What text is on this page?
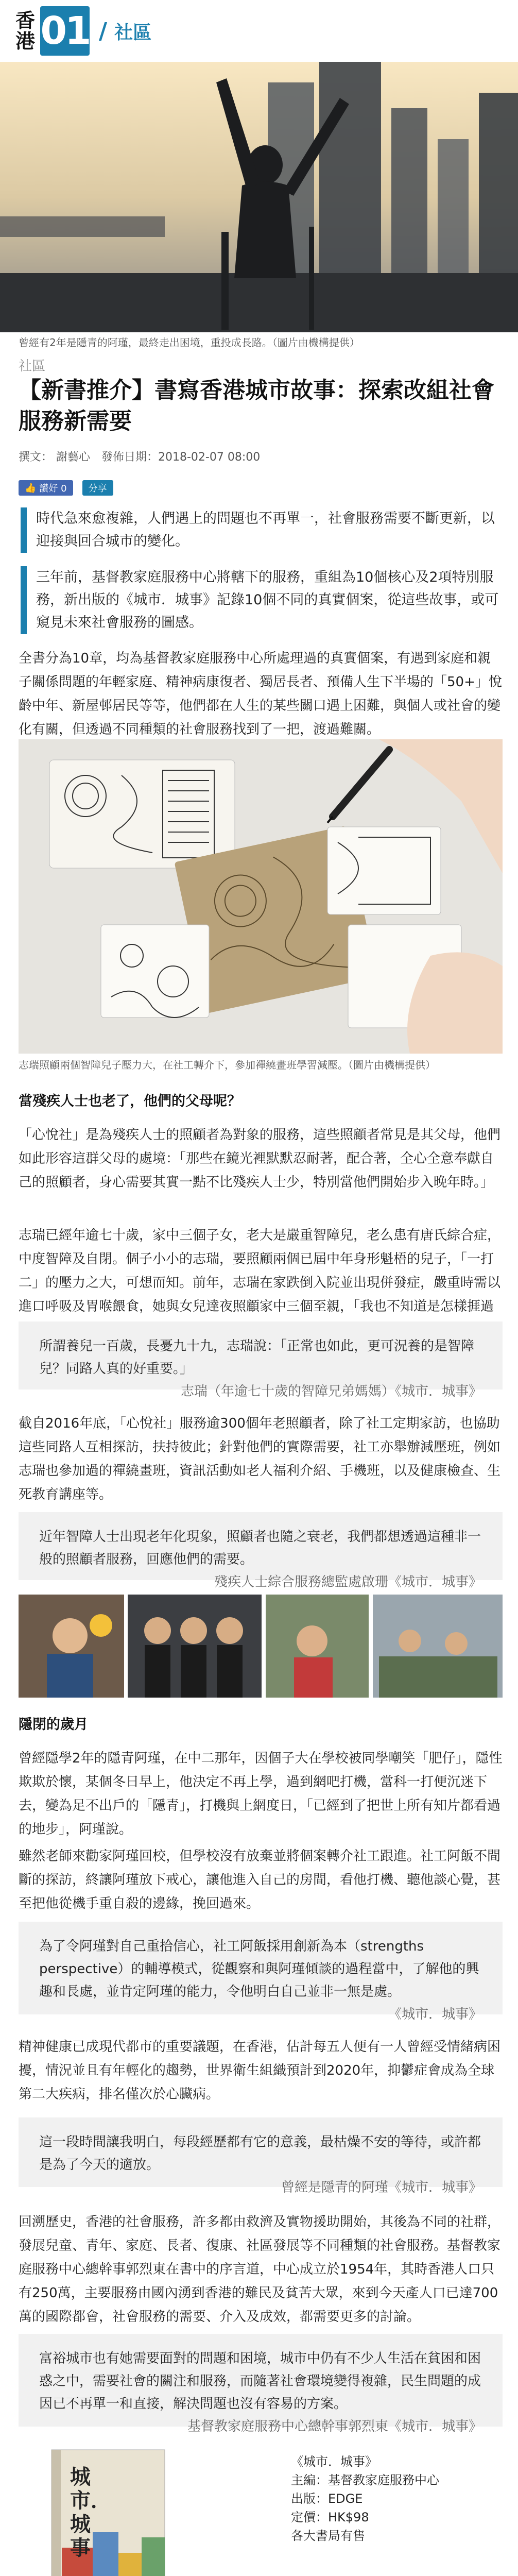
香港 01 / 社區
曾經有2年是隱青的阿瑾，最終走出困境，重投成長路。（圖片由機構提供）
社區
【新書推介】書寫香港城市故事：探索改組社會服務新需要
撰文： 謝藝心　發佈日期：2018-02-07 08:00
👍 讚好 0 分享
時代急來愈複雜，人們遇上的問題也不再單一，社會服務需要不斷更新，以迎接與回合城市的變化。
三年前，基督教家庭服務中心將轄下的服務，重組為10個核心及2項特別服務，新出版的《城市．城事》記錄10個不同的真實個案，從這些故事，或可窺見未來社會服務的圖感。
全書分為10章，均為基督教家庭服務中心所處理過的真實個案，有遇到家庭和親子關係問題的年輕家庭、精神病康復者、獨居長者、預備人生下半場的「50+」悅齡中年、新屋邨居民等等，他們都在人生的某些關口遇上困難，與個人或社會的變化有關，但透過不同種類的社會服務找到了一把，渡過難關。
志瑞照顧兩個智障兒子壓力大，在社工轉介下，參加禪繞畫班學習減壓。（圖片由機構提供）
當殘疾人士也老了，他們的父母呢？
「心悅社」是為殘疾人士的照顧者為對象的服務，這些照顧者常見是其父母，他們如此形容這群父母的處境：「那些在鏡光裡默默忍耐著，配合著，全心全意奉獻自己的照顧者，身心需要其實一點不比殘疾人士少，特別當他們開始步入晚年時。」
志瑞已經年逾七十歲，家中三個子女，老大是嚴重智障兒，老么患有唐氏綜合症，中度智障及自閉。個子小小的志瑞，要照顧兩個已屆中年身形魁梧的兒子，「一打二」的壓力之大，可想而知。前年，志瑞在家跌倒入院並出現併發症，嚴重時需以進口呼吸及胃喉餵食，她與女兒達夜照顧家中三個至親，「我也不知道是怎樣捱過

所謂養兒一百歲，長憂九十九，志瑞說：「正常也如此，更可況養的是智障兒？同路人真的好重要。」

志瑞（年逾七十歲的智障兄弟媽媽）《城市．城事》

截自2016年底，「心悅社」服務逾300個年老照顧者，除了社工定期家訪，也協助這些同路人互相探訪，扶持彼此；針對他們的實際需要，社工亦舉辦減壓班，例如志瑞也參加過的禪繞畫班，資訊活動如老人福利介紹、手機班，以及健康檢查、生死教育講座等。

近年智障人士出現老年化現象，照顧者也隨之衰老，我們都想透過這種非一般的照顧者服務，回應他們的需要。

殘疾人士綜合服務總監處啟珊《城市．城事》

隱閉的歲月
曾經隱學2年的隱青阿瑾，在中二那年，因個子大在學校被同學嘲笑「肥仔」，隱性欺欺於懷，某個冬日早上，他決定不再上學，過到網吧打機，當科一打便沉迷下去，變為足不出戶的「隱青」，打機與上網度日，「已經到了把世上所有知片都看過的地步」，阿瑾說。
雖然老師來勸家阿瑾回校，但學校沒有放棄並將個案轉介社工跟進。社工阿飯不間斷的探訪，終讓阿瑾放下戒心，讓他進入自己的房間，看他打機、聽他談心覺，甚至把他從機手重自殺的邊緣，挽回過來。

為了令阿瑾對自己重拾信心，社工阿飯採用創新為本（strengths perspective）的輔導模式，從觀察和與阿瑾傾談的過程當中，了解他的興趣和長處，並肯定阿瑾的能力，令他明白自己並非一無是處。

《城市．城事》

精神健康已成現代都市的重要議題，在香港，估計每五人便有一人曾經受情緒病困擾，情況並且有年輕化的趨勢，世界衛生組織預計到2020年，抑鬱症會成為全球第二大疾病，排名僅次於心臟病。

這一段時間讓我明白，每段經歷都有它的意義，最枯燥不安的等待，或許都是為了今天的適放。

曾經是隱青的阿瑾《城市．城事》

回溯歷史，香港的社會服務，許多都由救濟及實物援助開始，其後為不同的社群，發展兒童、青年、家庭、長者、復康、社區發展等不同種類的社會服務。基督教家庭服務中心總幹事郭烈東在書中的序言道，中心成立於1954年，其時香港人口只有250萬，主要服務由國內湧到香港的難民及貧苦大眾，來到今天產人口已達700萬的國際都會，社會服務的需要、介入及成效，都需要更多的討論。

富裕城市也有她需要面對的問題和困境，城市中仍有不少人生活在貧困和困惑之中，需要社會的關注和服務，而隨著社會環境變得複雜，民生問題的成因已不再單一和直接，解決問題也沒有容易的方案。

基督教家庭服務中心總幹事郭烈東《城市．城事》

城市．城事
《城市．城事》
主編：基督教家庭服務中心
出版：EDGE
定價：HK$98
各大書局有售
